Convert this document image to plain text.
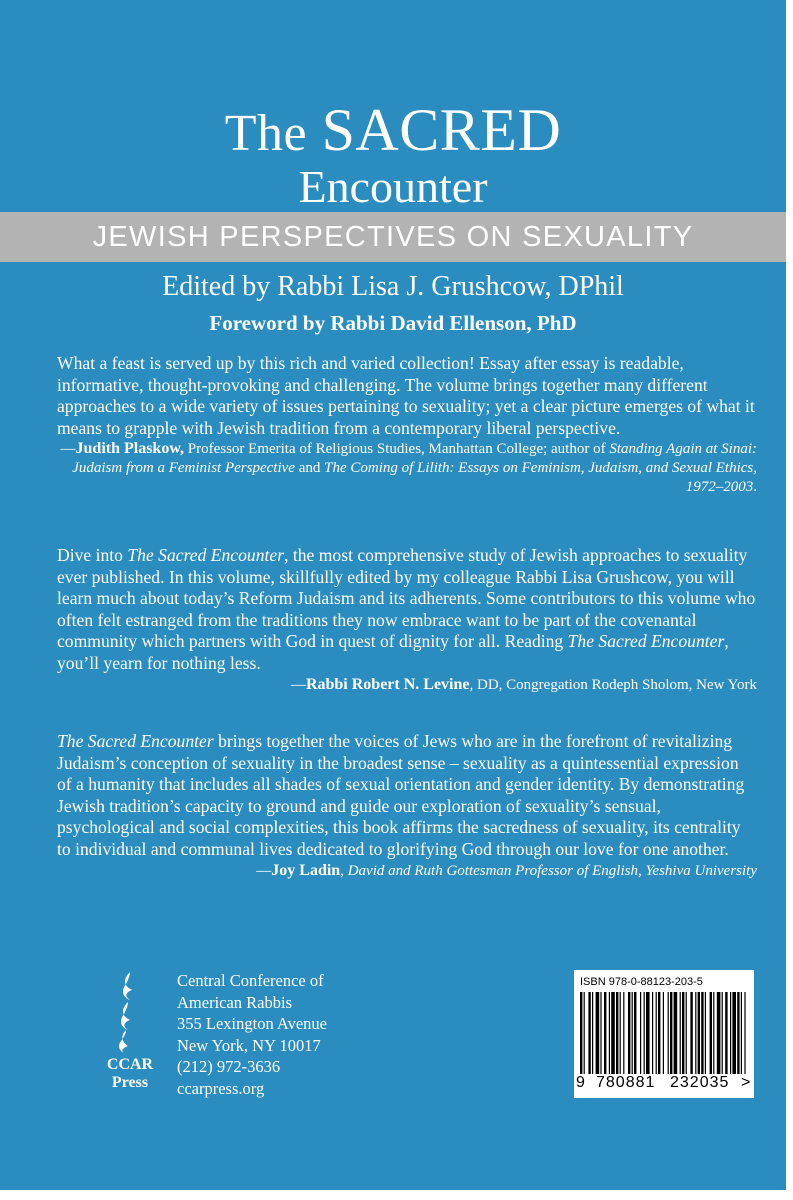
The SACRED
Encounter
JEWISH PERSPECTIVES ON SEXUALITY
Edited by Rabbi Lisa J. Grushcow, DPhil
Foreword by Rabbi David Ellenson, PhD

What a feast is served up by this rich and varied collection! Essay after essay is readable, informative, thought-provoking and challenging. The volume brings together many different approaches to a wide variety of issues pertaining to sexuality; yet a clear picture emerges of what it means to grapple with Jewish tradition from a contemporary liberal perspective.

—Judith Plaskow, Professor Emerita of Religious Studies, Manhattan College; author of Standing Again at Sinai: Judaism from a Feminist Perspective and The Coming of Lilith: Essays on Feminism, Judaism, and Sexual Ethics, 1972–2003.

Dive into The Sacred Encounter, the most comprehensive study of Jewish approaches to sexuality ever published. In this volume, skillfully edited by my colleague Rabbi Lisa Grushcow, you will learn much about today’s Reform Judaism and its adherents. Some contributors to this volume who often felt estranged from the traditions they now embrace want to be part of the covenantal community which partners with God in quest of dignity for all. Reading The Sacred Encounter, you’ll yearn for nothing less.

—Rabbi Robert N. Levine, DD, Congregation Rodeph Sholom, New York

The Sacred Encounter brings together the voices of Jews who are in the forefront of revitalizing Judaism’s conception of sexuality in the broadest sense – sexuality as a quintessential expression of a humanity that includes all shades of sexual orientation and gender identity. By demonstrating Jewish tradition’s capacity to ground and guide our exploration of sexuality’s sensual, psychological and social complexities, this book affirms the sacredness of sexuality, its centrality to individual and communal lives dedicated to glorifying God through our love for one another.

—Joy Ladin, David and Ruth Gottesman Professor of English, Yeshiva University

CCAR
Press
Central Conference of
American Rabbis
355 Lexington Avenue
New York, NY 10017
(212) 972-3636
ccarpress.org
ISBN 978-0-88123-203-5
9 780881 232035 >
